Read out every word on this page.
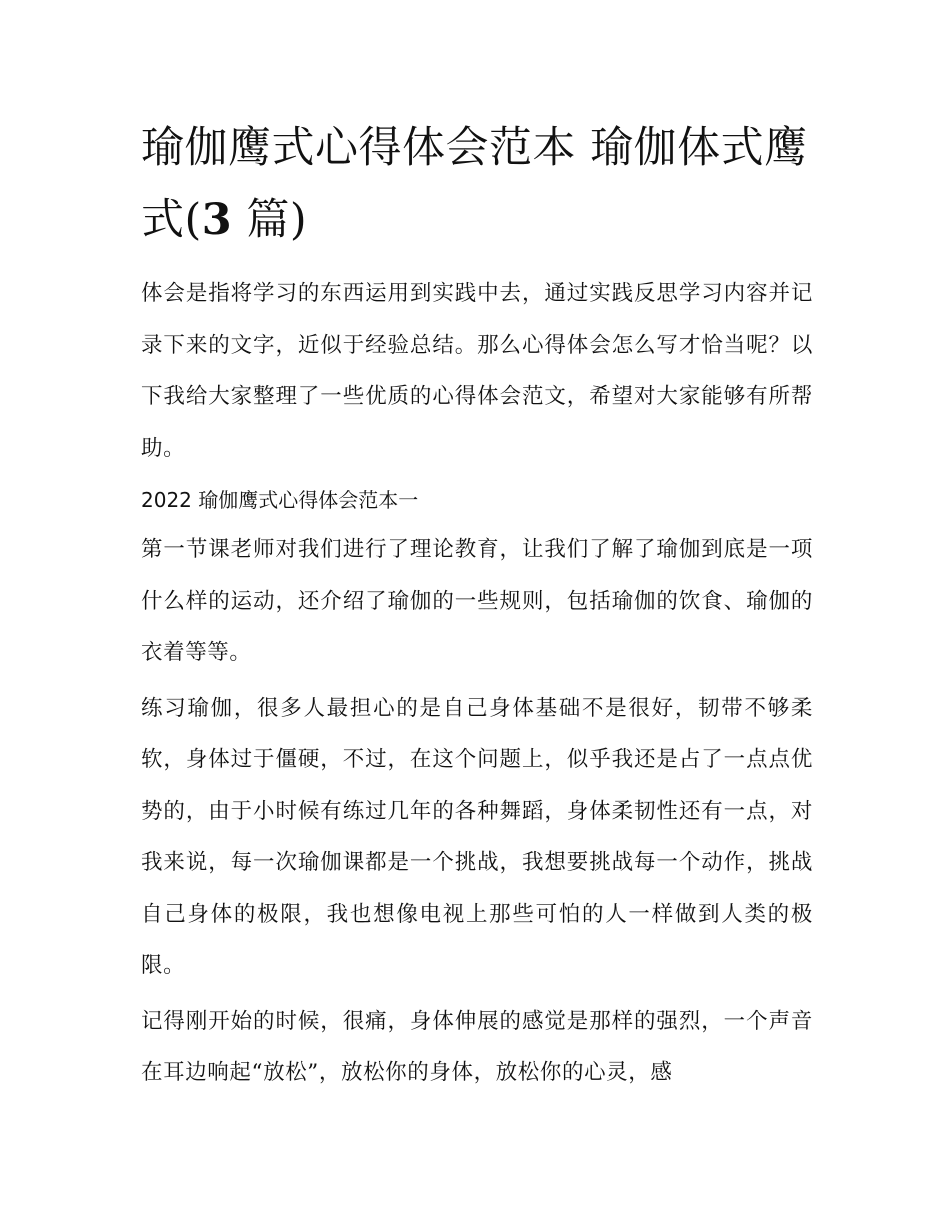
瑜伽鹰式心得体会范本 瑜伽体式鹰式(3 篇)

体会是指将学习的东西运用到实践中去，通过实践反思学习内容并记录下来的文字，近似于经验总结。那么心得体会怎么写才恰当呢？以下我给大家整理了一些优质的心得体会范文，希望对大家能够有所帮助。

2022 瑜伽鹰式心得体会范本一

第一节课老师对我们进行了理论教育，让我们了解了瑜伽到底是一项什么样的运动，还介绍了瑜伽的一些规则，包括瑜伽的饮食、瑜伽的衣着等等。

练习瑜伽，很多人最担心的是自己身体基础不是很好，韧带不够柔软，身体过于僵硬，不过，在这个问题上，似乎我还是占了一点点优势的，由于小时候有练过几年的各种舞蹈，身体柔韧性还有一点，对我来说，每一次瑜伽课都是一个挑战，我想要挑战每一个动作，挑战自己身体的极限，我也想像电视上那些可怕的人一样做到人类的极限。

记得刚开始的时候，很痛，身体伸展的感觉是那样的强烈，一个声音在耳边响起“放松”，放松你的身体，放松你的心灵，感
